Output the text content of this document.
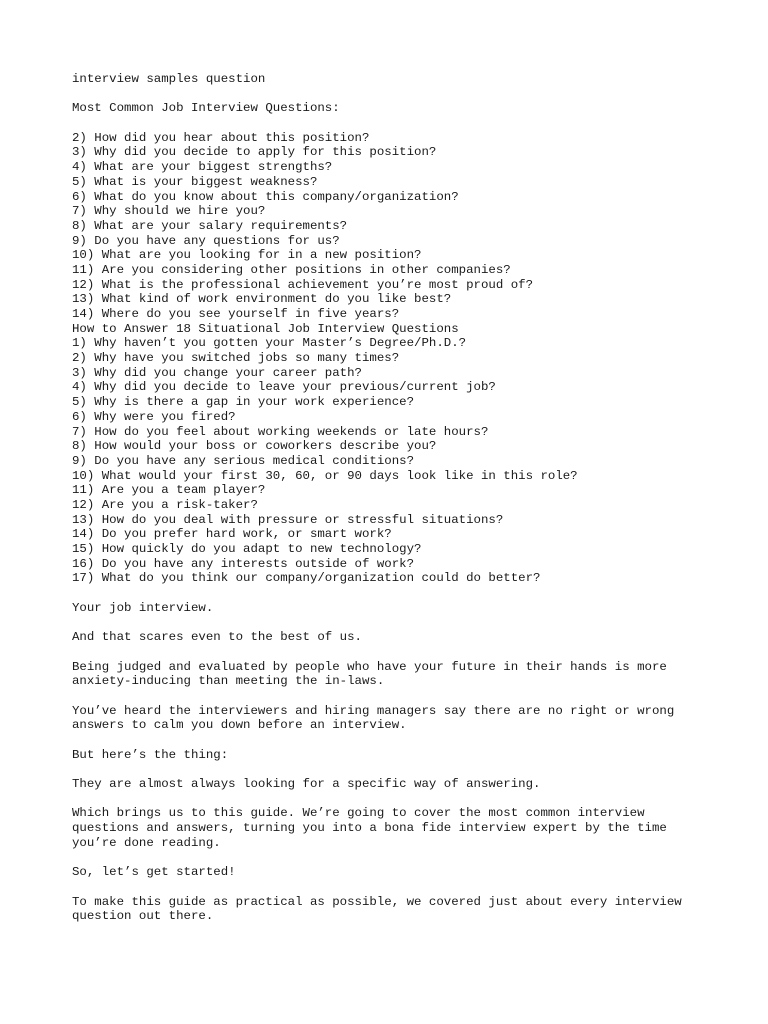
interview samples question
Most Common Job Interview Questions:
2) How did you hear about this position?
3) Why did you decide to apply for this position?
4) What are your biggest strengths?
5) What is your biggest weakness?
6) What do you know about this company/organization?
7) Why should we hire you?
8) What are your salary requirements?
9) Do you have any questions for us?
10) What are you looking for in a new position?
11) Are you considering other positions in other companies?
12) What is the professional achievement you’re most proud of?
13) What kind of work environment do you like best?
14) Where do you see yourself in five years?
How to Answer 18 Situational Job Interview Questions
1) Why haven’t you gotten your Master’s Degree/Ph.D.?
2) Why have you switched jobs so many times?
3) Why did you change your career path?
4) Why did you decide to leave your previous/current job?
5) Why is there a gap in your work experience?
6) Why were you fired?
7) How do you feel about working weekends or late hours?
8) How would your boss or coworkers describe you?
9) Do you have any serious medical conditions?
10) What would your first 30, 60, or 90 days look like in this role?
11) Are you a team player?
12) Are you a risk-taker?
13) How do you deal with pressure or stressful situations?
14) Do you prefer hard work, or smart work?
15) How quickly do you adapt to new technology?
16) Do you have any interests outside of work?
17) What do you think our company/organization could do better?
Your job interview.
And that scares even to the best of us.
Being judged and evaluated by people who have your future in their hands is more
anxiety-inducing than meeting the in-laws.
You’ve heard the interviewers and hiring managers say there are no right or wrong
answers to calm you down before an interview.
But here’s the thing:
They are almost always looking for a specific way of answering.
Which brings us to this guide. We’re going to cover the most common interview
questions and answers, turning you into a bona fide interview expert by the time
you’re done reading.
So, let’s get started!
To make this guide as practical as possible, we covered just about every interview
question out there.
